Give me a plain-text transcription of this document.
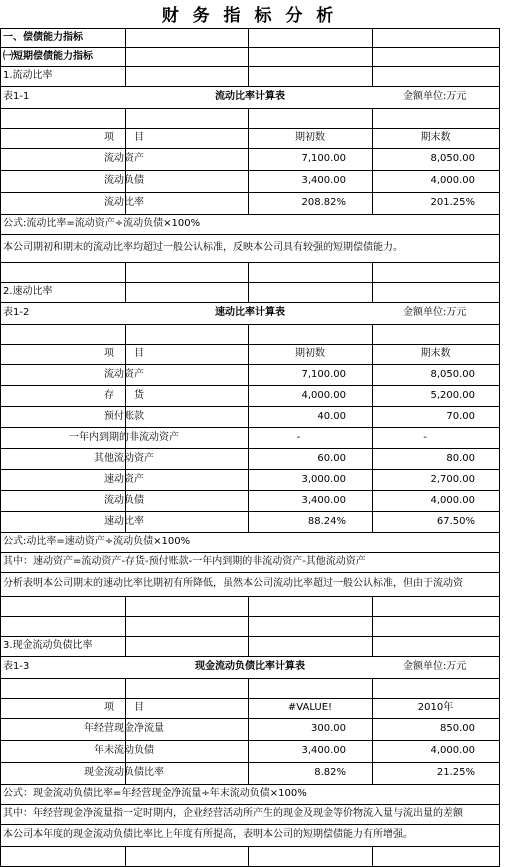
财 务 指 标 分 析
一、偿债能力指标
㈠短期偿债能力指标
1.流动比率
表1-1	流动比率计算表	金额单位:万元
项　　目	期初数	期末数
流动资产	7,100.00	8,050.00
流动负债	3,400.00	4,000.00
流动比率	208.82%	201.25%
公式:流动比率=流动资产÷流动负债×100%
本公司期初和期末的流动比率均超过一般公认标准，反映本公司具有较强的短期偿债能力。
2.速动比率
表1-2	速动比率计算表	金额单位:万元
项　　目	期初数	期末数
流动资产	7,100.00	8,050.00
存　　货	4,000.00	5,200.00
预付账款	40.00	70.00
一年内到期的非流动资产	-	-
其他流动资产	60.00	80.00
速动资产	3,000.00	2,700.00
流动负债	3,400.00	4,000.00
速动比率	88.24%	67.50%
公式:动比率=速动资产÷流动负债×100%
其中：速动资产=流动资产-存货-预付账款-一年内到期的非流动资产-其他流动资产
分析表明本公司期末的速动比率比期初有所降低，虽然本公司流动比率超过一般公认标准，但由于流动资
3.现金流动负债比率
表1-3	现金流动负债比率计算表	金额单位:万元
项　　目	#VALUE!	2010年
年经营现金净流量	300.00	850.00
年末流动负债	3,400.00	4,000.00
现金流动负债比率	8.82%	21.25%
公式：现金流动负债比率=年经营现金净流量÷年末流动负债×100%
其中：年经营现金净流量指一定时期内，企业经营活动所产生的现金及现金等价物流入量与流出量的差额
本公司本年度的现金流动负债比率比上年度有所提高，表明本公司的短期偿债能力有所增强。
